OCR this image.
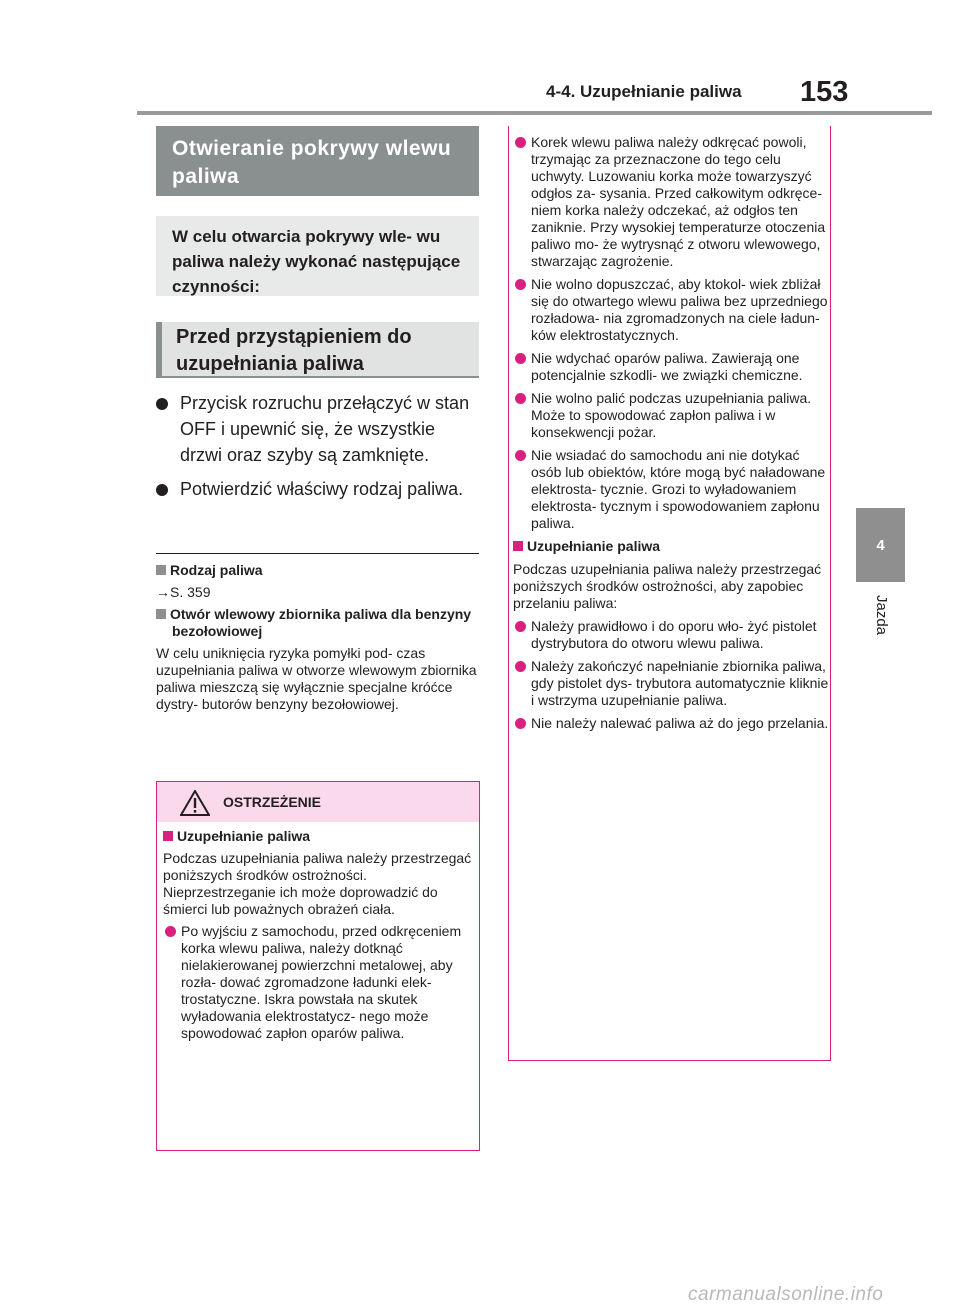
4-4. Uzupełnianie paliwa 153
4
Jazda
Otwieranie pokrywy wlewu paliwa
W celu otwarcia pokrywy wle- wu paliwa należy wykonać następujące czynności:
Przed przystąpieniem do uzupełniania paliwa
Przycisk rozruchu przełączyć w stan OFF i upewnić się, że wszystkie drzwi oraz szyby są zamknięte.
Potwierdzić właściwy rodzaj paliwa.

Rodzaj paliwa

→S. 359

Otwór wlewowy zbiornika paliwa dla benzyny bezołowiowej

W celu uniknięcia ryzyka pomyłki pod- czas uzupełniania paliwa w otworze wlewowym zbiornika paliwa mieszczą się wyłącznie specjalne króćce dystry- butorów benzyny bezołowiowej.

OSTRZEŻENIE

Uzupełnianie paliwa

Podczas uzupełniania paliwa należy przestrzegać poniższych środków ostrożności. Nieprzestrzeganie ich może doprowadzić do śmierci lub poważnych obrażeń ciała.

Po wyjściu z samochodu, przed odkręceniem korka wlewu paliwa, należy dotknąć nielakierowanej powierzchni metalowej, aby rozła- dować zgromadzone ładunki elek- trostatyczne. Iskra powstała na skutek wyładowania elektrostatycz- nego może spowodować zapłon oparów paliwa.

Korek wlewu paliwa należy odkręcać powoli, trzymając za przeznaczone do tego celu uchwyty. Luzowaniu korka może towarzyszyć odgłos za- sysania. Przed całkowitym odkręce- niem korka należy odczekać, aż odgłos ten zaniknie. Przy wysokiej temperaturze otoczenia paliwo mo- że wytrysnąć z otworu wlewowego, stwarzając zagrożenie.

Nie wolno dopuszczać, aby ktokol- wiek zbliżał się do otwartego wlewu paliwa bez uprzedniego rozładowa- nia zgromadzonych na ciele ładun- ków elektrostatycznych.

Nie wdychać oparów paliwa. Zawierają one potencjalnie szkodli- we związki chemiczne.

Nie wolno palić podczas uzupełniania paliwa. Może to spowodować zapłon paliwa i w konsekwencji pożar.

Nie wsiadać do samochodu ani nie dotykać osób lub obiektów, które mogą być naładowane elektrosta- tycznie. Grozi to wyładowaniem elektrosta- tycznym i spowodowaniem zapłonu paliwa.

Uzupełnianie paliwa

Podczas uzupełniania paliwa należy przestrzegać poniższych środków ostrożności, aby zapobiec przelaniu paliwa:

Należy prawidłowo i do oporu wło- żyć pistolet dystrybutora do otworu wlewu paliwa.

Należy zakończyć napełnianie zbiornika paliwa, gdy pistolet dys- trybutora automatycznie kliknie i wstrzyma uzupełnianie paliwa.

Nie należy nalewać paliwa aż do jego przelania.

carmanualsonline.info
